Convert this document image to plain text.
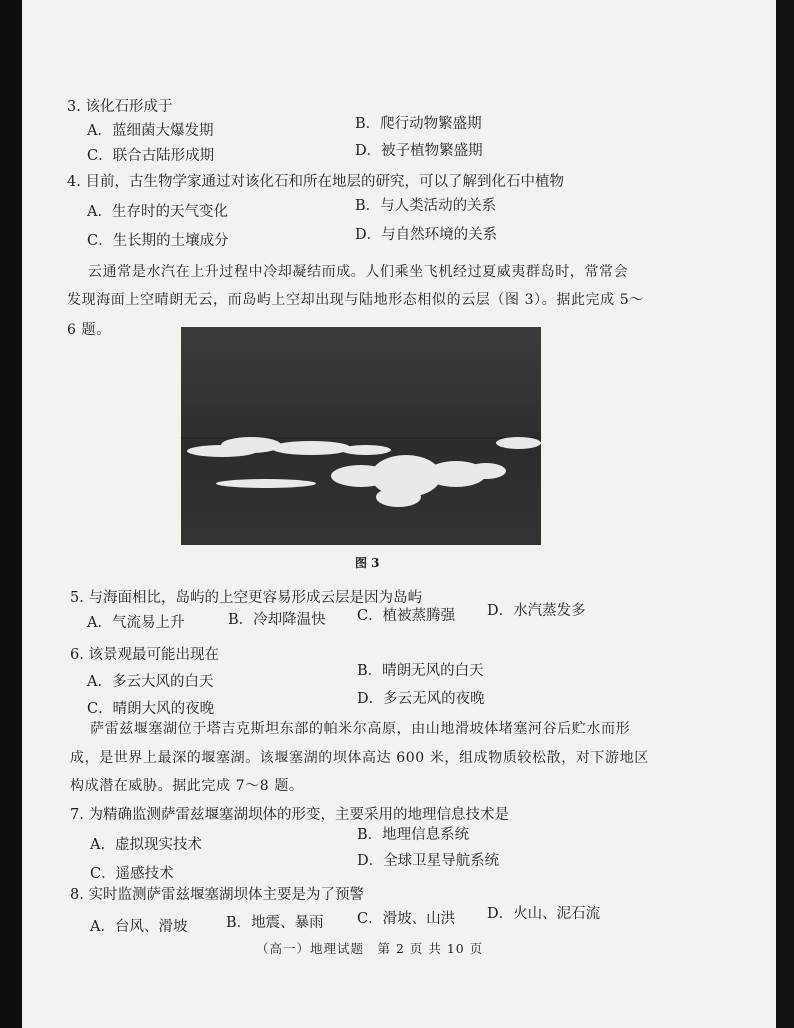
3. 该化石形成于
A．蓝细菌大爆发期	B．爬行动物繁盛期
C．联合古陆形成期	D．被子植物繁盛期
4. 目前，古生物学家通过对该化石和所在地层的研究，可以了解到化石中植物
A．生存时的天气变化	B．与人类活动的关系
C．生长期的土壤成分	D．与自然环境的关系
云通常是水汽在上升过程中冷却凝结而成。人们乘坐飞机经过夏威夷群岛时，常常会
发现海面上空晴朗无云，而岛屿上空却出现与陆地形态相似的云层（图 3）。据此完成 5～
6 题。
图 3
5. 与海面相比，岛屿的上空更容易形成云层是因为岛屿
A．气流易上升	B．冷却降温快 C．植被蒸腾强 D．水汽蒸发多
6. 该景观最可能出现在
A．多云大风的白天
B．晴朗无风的白天
C．晴朗大风的夜晚
D．多云无风的夜晚
萨雷兹堰塞湖位于塔吉克斯坦东部的帕米尔高原，由山地滑坡体堵塞河谷后贮水而形
成，是世界上最深的堰塞湖。该堰塞湖的坝体高达 600 米，组成物质较松散，对下游地区
构成潜在威胁。据此完成 7～8 题。
7. 为精确监测萨雷兹堰塞湖坝体的形变，主要采用的地理信息技术是
A．虚拟现实技术
B．地理信息系统
C．遥感技术
D．全球卫星导航系统
8. 实时监测萨雷兹堰塞湖坝体主要是为了预警
A．台风、滑坡	B．地震、暴雨 C．滑坡、山洪 D．火山、泥石流
（高一）地理试题　第 2 页 共 10 页
